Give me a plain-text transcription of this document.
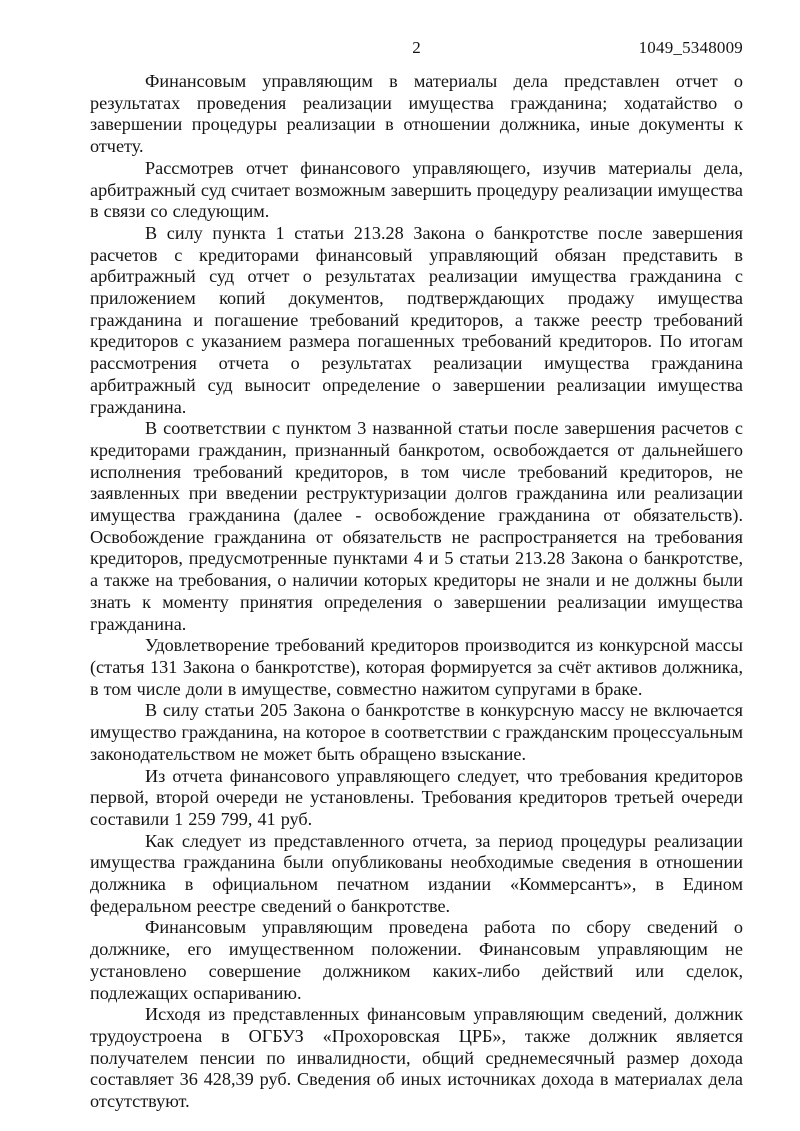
2	1049_5348009

Финансовым управляющим в материалы дела представлен отчет о результатах проведения реализации имущества гражданина; ходатайство о завершении процедуры реализации в отношении должника, иные документы к отчету.

Рассмотрев отчет финансового управляющего, изучив материалы дела, арбитражный суд считает возможным завершить процедуру реализации имущества в связи со следующим.

В силу пункта 1 статьи 213.28 Закона о банкротстве после завершения расчетов с кредиторами финансовый управляющий обязан представить в арбитражный суд отчет о результатах реализации имущества гражданина с приложением копий документов, подтверждающих продажу имущества гражданина и погашение требований кредиторов, а также реестр требований кредиторов с указанием размера погашенных требований кредиторов. По итогам рассмотрения отчета о результатах реализации имущества гражданина арбитражный суд выносит определение о завершении реализации имущества гражданина.

В соответствии с пунктом 3 названной статьи после завершения расчетов с кредиторами гражданин, признанный банкротом, освобождается от дальнейшего исполнения требований кредиторов, в том числе требований кредиторов, не заявленных при введении реструктуризации долгов гражданина или реализации имущества гражданина (далее - освобождение гражданина от обязательств). Освобождение гражданина от обязательств не распространяется на требования кредиторов, предусмотренные пунктами 4 и 5 статьи 213.28 Закона о банкротстве, а также на требования, о наличии которых кредиторы не знали и не должны были знать к моменту принятия определения о завершении реализации имущества гражданина.

Удовлетворение требований кредиторов производится из конкурсной массы (статья 131 Закона о банкротстве), которая формируется за счёт активов должника, в том числе доли в имуществе, совместно нажитом супругами в браке.

В силу статьи 205 Закона о банкротстве в конкурсную массу не включается имущество гражданина, на которое в соответствии с гражданским процессуальным законодательством не может быть обращено взыскание.

Из отчета финансового управляющего следует, что требования кредиторов первой, второй очереди не установлены. Требования кредиторов третьей очереди составили 1 259 799, 41 руб.

Как следует из представленного отчета, за период процедуры реализации имущества гражданина были опубликованы необходимые сведения в отношении должника в официальном печатном издании «Коммерсантъ», в Едином федеральном реестре сведений о банкротстве.

Финансовым управляющим проведена работа по сбору сведений о должнике, его имущественном положении. Финансовым управляющим не установлено совершение должником каких-либо действий или сделок, подлежащих оспариванию.

Исходя из представленных финансовым управляющим сведений, должник трудоустроена в ОГБУЗ «Прохоровская ЦРБ», также должник является получателем пенсии по инвалидности, общий среднемесячный размер дохода составляет 36 428,39 руб. Сведения об иных источниках дохода в материалах дела отсутствуют.
